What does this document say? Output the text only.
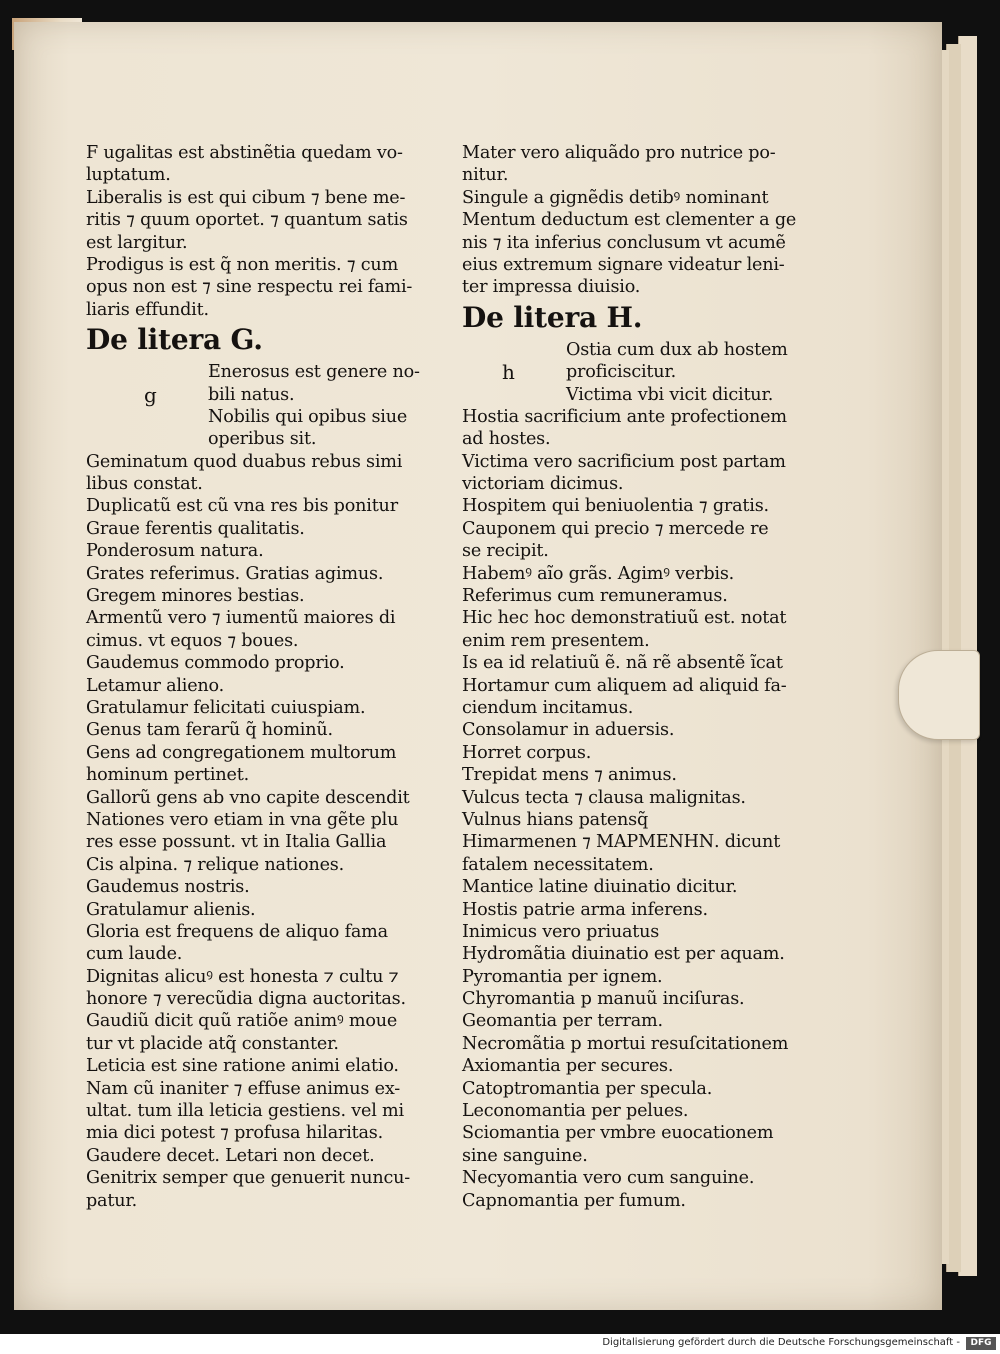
F ugalitas est abstinẽtia quedam vo-
luptatum.
Liberalis is est qui cibum ⁊ bene me-
ritis ⁊ quum oportet. ⁊ quantum satis
est largitur.
Prodigus is est q̃ non meritis. ⁊ cum
opus non est ⁊ sine respectu rei fami-
liaris effundit.
De litera G.
Enerosus est genere no-
bili natus.
g
Nobilis qui opibus siue
operibus sit.
Geminatum quod duabus rebus simi
libus constat.
Duplicatũ est cũ vna res bis ponitur
Graue ferentis qualitatis.
Ponderosum natura.
Grates referimus. Gratias agimus.
Gregem minores bestias.
Armentũ vero ⁊ iumentũ maiores di
cimus. vt equos ⁊ boues.
Gaudemus commodo proprio.
Letamur alieno.
Gratulamur felicitati cuiuspiam.
Genus tam ferarũ q̃ hominũ.
Gens ad congregationem multorum
hominum pertinet.
Gallorũ gens ab vno capite descendit
Nationes vero etiam in vna gẽte plu
res esse possunt. vt in Italia Gallia
Cis alpina. ⁊ relique nationes.
Gaudemus nostris.
Gratulamur alienis.
Gloria est frequens de aliquo fama
cum laude.
Dignitas alicuꝰ est honesta ⁊ cultu ⁊
honore ⁊ verecũdia digna auctoritas.
Gaudiũ dicit quũ ratiõe animꝰ moue
tur vt placide atq̃ constanter.
Leticia est sine ratione animi elatio.
Nam cũ inaniter ⁊ effuse animus ex-
ultat. tum illa leticia gestiens. vel mi
mia dici potest ⁊ profusa hilaritas.
Gaudere decet. Letari non decet.
Genitrix semper que genuerit nuncu-
patur.
Mater vero aliquãdo pro nutrice po-
nitur.
Singule a gignẽdis detibꝰ nominant
Mentum deductum est clementer a ge
nis ⁊ ita inferius conclusum vt acumẽ
eius extremum signare videatur leni-
ter impressa diuisio.
De litera H.
Ostia cum dux ab hostem
proficiscitur.
h
Victima vbi vicit dicitur.
Hostia sacrificium ante profectionem
ad hostes.
Victima vero sacrificium post partam
victoriam dicimus.
Hospitem qui beniuolentia ⁊ gratis.
Cauponem qui precio ⁊ mercede re
se recipit.
Habemꝰ aĩo grãs. Agimꝰ verbis.
Referimus cum remuneramus.
Hic hec hoc demonstratiuũ est. notat
enim rem presentem.
Is ea id relatiuũ ẽ. nã rẽ absentẽ ĩcat
Hortamur cum aliquem ad aliquid fa-
ciendum incitamus.
Consolamur in aduersis.
Horret corpus.
Trepidat mens ⁊ animus.
Vulcus tecta ⁊ clausa malignitas.
Vulnus hians patensq̃
Himarmenen ⁊ ΜΑΡΜΕΝΗΝ. dicunt
fatalem necessitatem.
Mantice latine diuinatio dicitur.
Hostis patrie arma inferens.
Inimicus vero priuatus
Hydromãtia diuinatio est per aquam.
Pyromantia per ignem.
Chyromantia p manuũ inciſuras.
Geomantia per terram.
Necromãtia p mortui resuſcitationem
Axiomantia per secures.
Catoptromantia per specula.
Leconomantia per pelues.
Sciomantia per vmbre euocationem
sine sanguine.
Necyomantia vero cum sanguine.
Capnomantia per fumum.
Digitalisierung gefördert durch die Deutsche Forschungsgemeinschaft -	DFG
